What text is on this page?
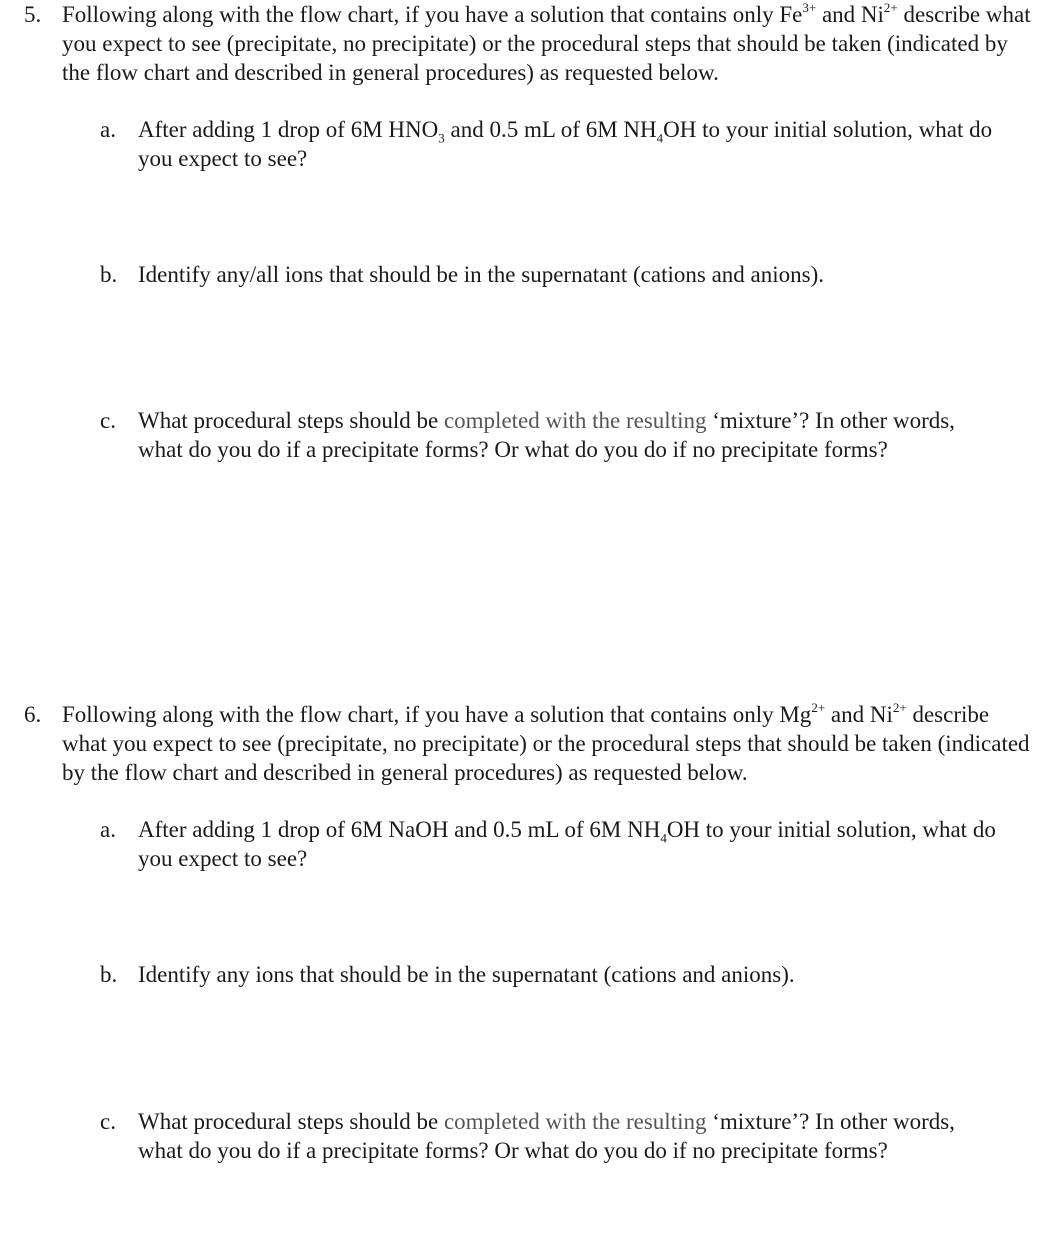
5. Following along with the flow chart, if you have a solution that contains only $Fe^{3+}$ and $Ni^{2+}$ describe what you expect to see (precipitate, no precipitate) or the procedural steps that should be taken (indicated by the flow chart and described in general procedures) as requested below.
a. After adding 1 drop of 6M $HNO_3$ and 0.5 mL of 6M $NH_4OH$ to your initial solution, what do you expect to see?
b. Identify any/all ions that should be in the supernatant (cations and anions).
c. What procedural steps should be completed with the resulting ‘mixture’? In other words, what do you do if a precipitate forms? Or what do you do if no precipitate forms?
6. Following along with the flow chart, if you have a solution that contains only $Mg^{2+}$ and $Ni^{2+}$ describe what you expect to see (precipitate, no precipitate) or the procedural steps that should be taken (indicated by the flow chart and described in general procedures) as requested below.
a. After adding 1 drop of 6M NaOH and 0.5 mL of 6M $NH_4OH$ to your initial solution, what do you expect to see?
b. Identify any ions that should be in the supernatant (cations and anions).
c. What procedural steps should be completed with the resulting ‘mixture’? In other words, what do you do if a precipitate forms? Or what do you do if no precipitate forms?
